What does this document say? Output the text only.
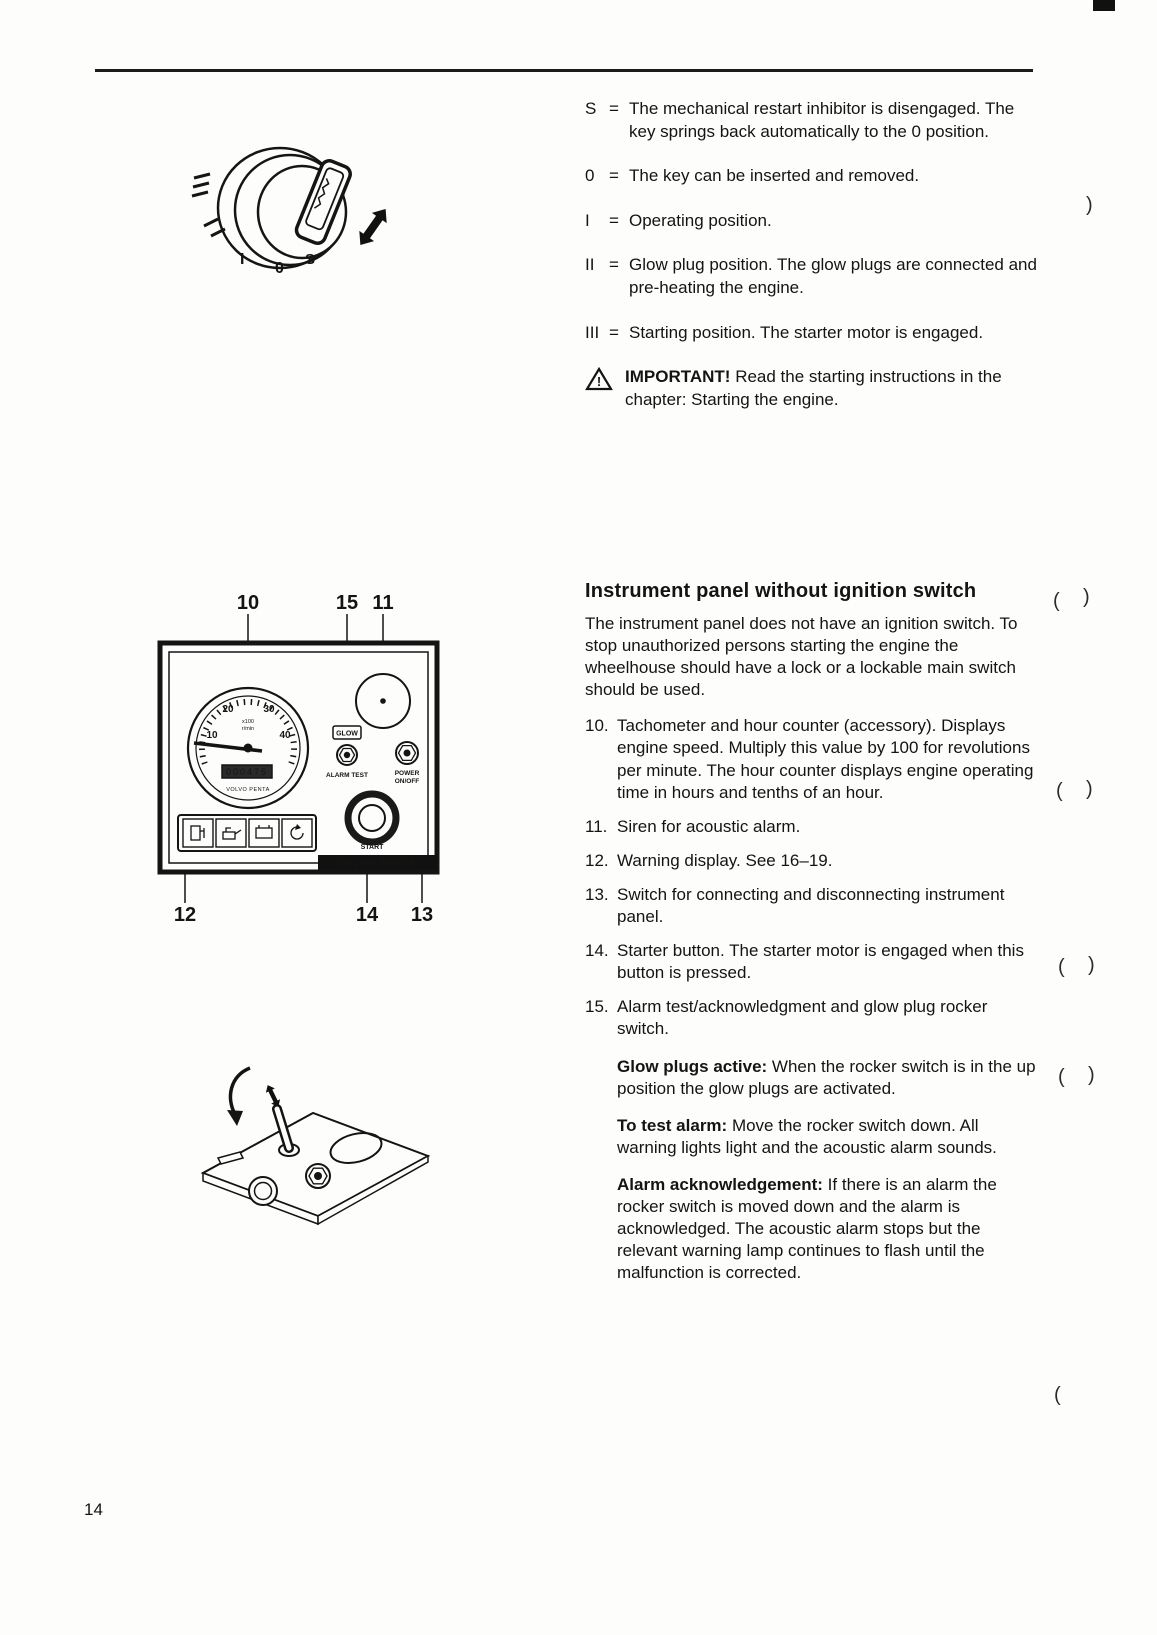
I
0
S
S = The mechanical restart inhibitor is disengaged. The key springs back automatically to the 0 position.
0 = The key can be inserted and removed.
I	= Operating position.
II = Glow plug position. The glow plugs are connected and pre-heating the engine.
III = Starting position. The starter motor is engaged.
! IMPORTANT! Read the starting instructions in the chapter: Starting the engine.
10	15 11
12	14 13
10
20	30
40
x100
r/min
000475
VOLVO PENTA
GLOW
ALARM TEST	POWER
ON/OFF
START
VOLVO PENTA
Instrument panel without ignition switch

The instrument panel does not have an ignition switch. To stop unauthorized persons starting the engine the wheelhouse should have a lock or a lockable main switch should be used.

10. Tachometer and hour counter (accessory). Displays engine speed. Multiply this value by 100 for revolutions per minute. The hour counter displays engine operating time in hours and tenths of an hour.
11. Siren for acoustic alarm.
12. Warning display. See 16–19.
13. Switch for connecting and disconnecting instrument panel.
14. Starter button. The starter motor is engaged when this button is pressed.
15. Alarm test/acknowledgment and glow plug rocker switch.

Glow plugs active: When the rocker switch is in the up position the glow plugs are activated.

To test alarm: Move the rocker switch down. All warning lights light and the acoustic alarm sounds.

Alarm acknowledgement: If there is an alarm the rocker switch is moved down and the alarm is acknowledged. The acoustic alarm stops but the relevant warning lamp continues to flash until the malfunction is corrected.

)
( )
( )
( )
( )
(
14
